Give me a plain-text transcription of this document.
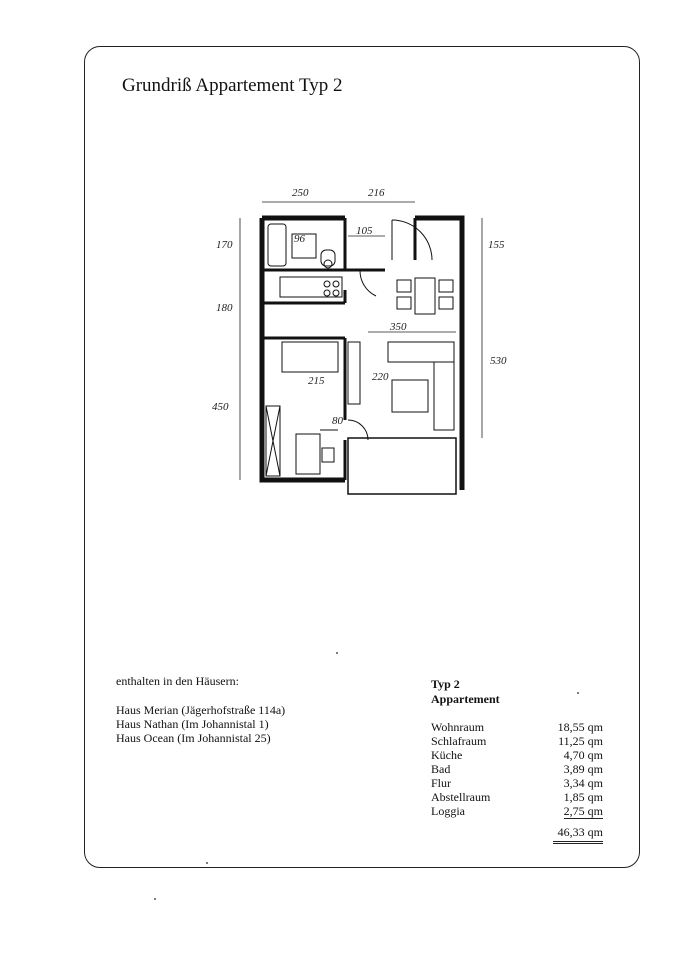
Grundriß Appartement Typ 2
250	216
170
180
450
155
530
96
105
350
215	220
80
enthalten in den Häusern:
Haus Merian (Jägerhofstraße 114a)
Haus Nathan (Im Johannistal 1)
Haus Ocean (Im Johannistal 25)
Typ 2
Appartement
Wohnraum	18,55 qm
Schlafraum	11,25 qm
Küche	4,70 qm
Bad	3,89 qm
Flur	3,34 qm
Abstellraum	1,85 qm
Loggia	2,75 qm
46,33 qm
